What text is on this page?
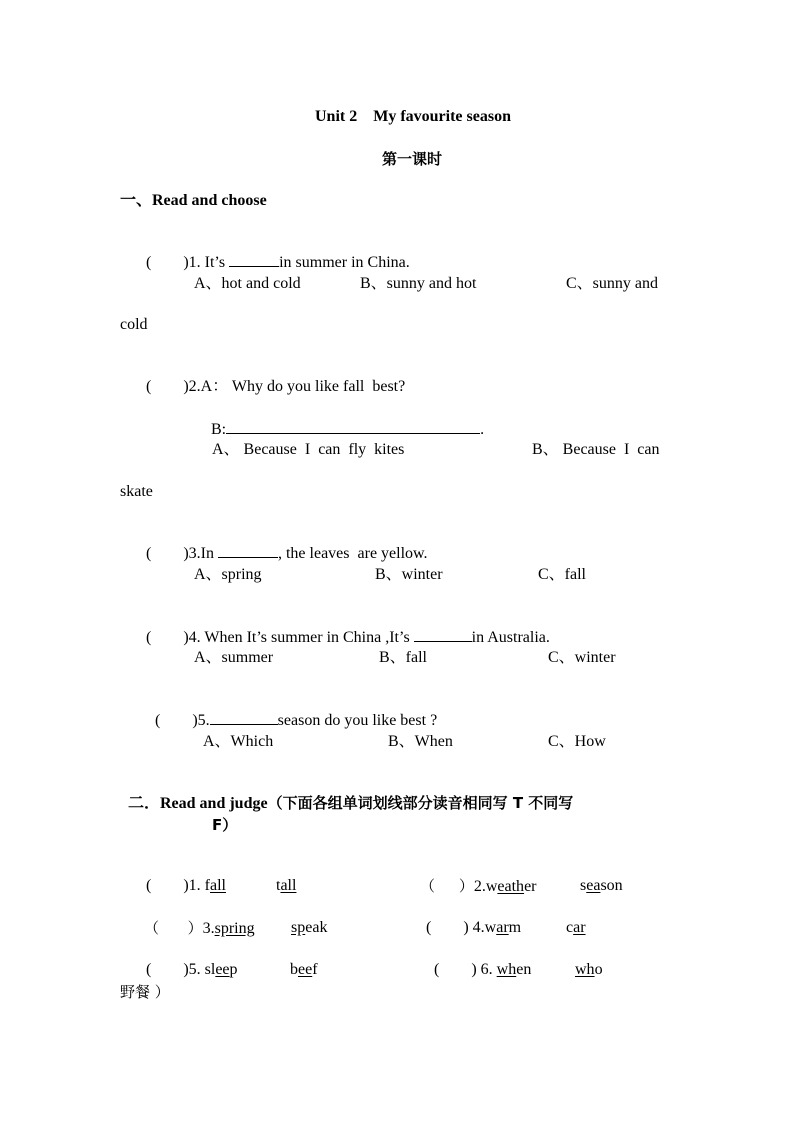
Unit 2    My favourite season
第一课时
一、Read and choose

(        )1. It’s	in summer in China.

A、hot and cold	B、sunny and hot	C、sunny and
cold

(        )2.A： Why do you like fall  best?

B:	.

A、 Because  I  can  fly  kites	B、 Because  I  can
skate

(        )3.In	, the leaves  are yellow.

A、spring	B、winter	C、fall

(        )4. When It’s summer in China ,It’s	in Australia.

A、summer	B、fall	C、winter

(        )5.	season do you like best ?

A、Which	B、When	C、How

二．Read and judge（下面各组单词划线部分读音相同写 T 不同写

F）

(        )1. fall	tall	（     ）2.weather	season

（      ）3.spring	speak	(        ) 4.warm	car

(        )5. sleep	beef	(        ) 6. when	who

野餐 ）
